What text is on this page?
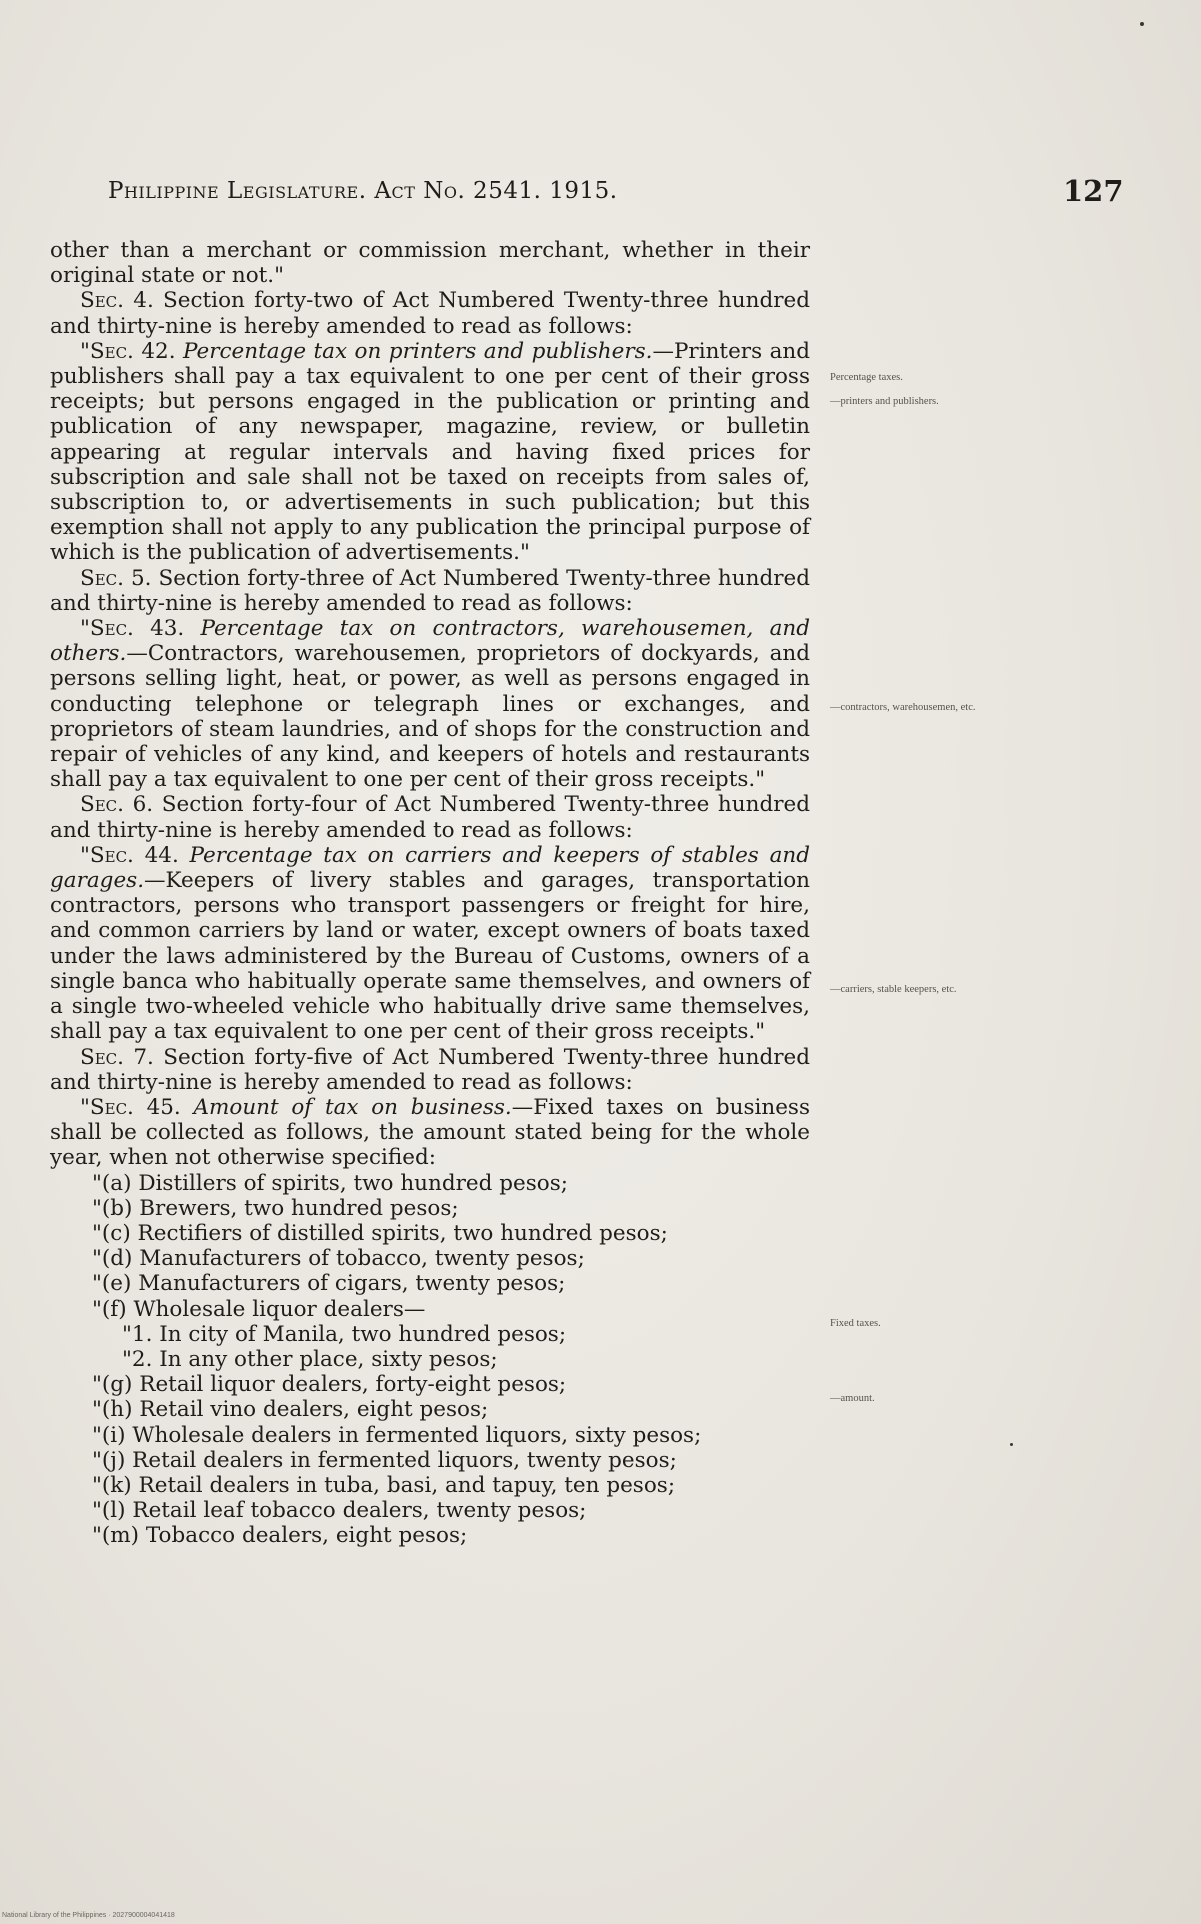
Philippine Legislature. Act No. 2541. 1915.	127

other than a merchant or commission merchant, whether in their original state or not."

Sec. 4. Section forty-two of Act Numbered Twenty-three hundred and thirty-nine is hereby amended to read as follows:

"Sec. 42. Percentage tax on printers and publishers.—Printers and publishers shall pay a tax equivalent to one per cent of their gross receipts; but persons engaged in the publication or printing and publication of any newspaper, magazine, review, or bulletin appearing at regular intervals and having fixed prices for subscription and sale shall not be taxed on receipts from sales of, subscription to, or advertisements in such publication; but this exemption shall not apply to any publication the principal purpose of which is the publication of advertisements."

Sec. 5. Section forty-three of Act Numbered Twenty-three hundred and thirty-nine is hereby amended to read as follows:

"Sec. 43. Percentage tax on contractors, warehousemen, and others.—Contractors, warehousemen, proprietors of dockyards, and persons selling light, heat, or power, as well as persons engaged in conducting telephone or telegraph lines or exchanges, and proprietors of steam laundries, and of shops for the construction and repair of vehicles of any kind, and keepers of hotels and restaurants shall pay a tax equivalent to one per cent of their gross receipts."

Sec. 6. Section forty-four of Act Numbered Twenty-three hundred and thirty-nine is hereby amended to read as follows:

"Sec. 44. Percentage tax on carriers and keepers of stables and garages.—Keepers of livery stables and garages, transportation contractors, persons who transport passengers or freight for hire, and common carriers by land or water, except owners of boats taxed under the laws administered by the Bureau of Customs, owners of a single banca who habitually operate same themselves, and owners of a single two-wheeled vehicle who habitually drive same themselves, shall pay a tax equivalent to one per cent of their gross receipts."

Sec. 7. Section forty-five of Act Numbered Twenty-three hundred and thirty-nine is hereby amended to read as follows:

"Sec. 45. Amount of tax on business.—Fixed taxes on business shall be collected as follows, the amount stated being for the whole year, when not otherwise specified:

"(a) Distillers of spirits, two hundred pesos;
"(b) Brewers, two hundred pesos;
"(c) Rectifiers of distilled spirits, two hundred pesos;
"(d) Manufacturers of tobacco, twenty pesos;
"(e) Manufacturers of cigars, twenty pesos;
"(f) Wholesale liquor dealers—
"1. In city of Manila, two hundred pesos;
"2. In any other place, sixty pesos;
"(g) Retail liquor dealers, forty-eight pesos;
"(h) Retail vino dealers, eight pesos;
"(i) Wholesale dealers in fermented liquors, sixty pesos;
"(j) Retail dealers in fermented liquors, twenty pesos;
"(k) Retail dealers in tuba, basi, and tapuy, ten pesos;
"(l) Retail leaf tobacco dealers, twenty pesos;
"(m) Tobacco dealers, eight pesos;
Percentage taxes.
—printers and publishers.
—contractors, warehousemen, etc.
—carriers, stable keepers, etc.
Fixed taxes.
—amount.
National Library of the Philippines · 2027900004041418
